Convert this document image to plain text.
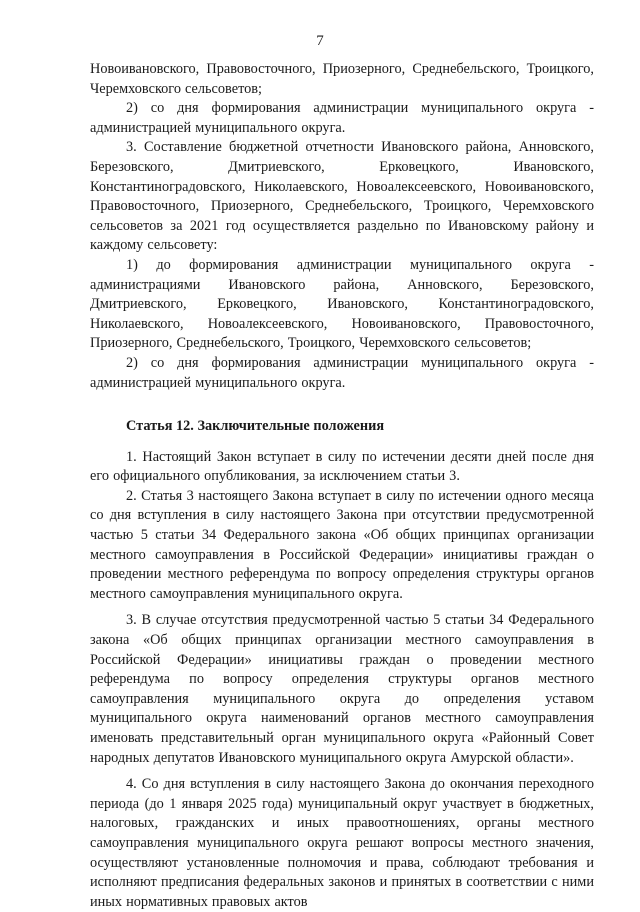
7

Новоивановского, Правовосточного, Приозерного, Среднебельского, Троицкого, Черемховского сельсоветов;

2) со дня формирования администрации муниципального округа - администрацией муниципального округа.

3. Составление бюджетной отчетности Ивановского района, Анновского, Березовского, Дмитриевского, Ерковецкого, Ивановского, Константиноградовского, Николаевского, Новоалексеевского, Новоивановского, Правовосточного, Приозерного, Среднебельского, Троицкого, Черемховского сельсоветов за 2021 год осуществляется раздельно по Ивановскому району и каждому сельсовету:

1) до формирования администрации муниципального округа - администрациями Ивановского района, Анновского, Березовского, Дмитриевского, Ерковецкого, Ивановского, Константиноградовского, Николаевского, Новоалексеевского, Новоивановского, Правовосточного, Приозерного, Среднебельского, Троицкого, Черемховского сельсоветов;

2) со дня формирования администрации муниципального округа - администрацией муниципального округа.

Статья 12. Заключительные положения

1. Настоящий Закон вступает в силу по истечении десяти дней после дня его официального опубликования, за исключением статьи 3.

2. Статья 3 настоящего Закона вступает в силу по истечении одного месяца со дня вступления в силу настоящего Закона при отсутствии предусмотренной частью 5 статьи 34 Федерального закона «Об общих принципах организации местного самоуправления в Российской Федерации» инициативы граждан о проведении местного референдума по вопросу определения структуры органов местного самоуправления муниципального округа.

3. В случае отсутствия предусмотренной частью 5 статьи 34 Федерального закона «Об общих принципах организации местного самоуправления в Российской Федерации» инициативы граждан о проведении местного референдума по вопросу определения структуры органов местного самоуправления муниципального округа до определения уставом муниципального округа наименований органов местного самоуправления именовать представительный орган муниципального округа «Районный Совет народных депутатов Ивановского муниципального округа Амурской области».

4. Со дня вступления в силу настоящего Закона до окончания переходного периода (до 1 января 2025 года) муниципальный округ участвует в бюджетных, налоговых, гражданских и иных правоотношениях, органы местного самоуправления муниципального округа решают вопросы местного значения, осуществляют установленные полномочия и права, соблюдают требования и исполняют предписания федеральных законов и принятых в соответствии с ними иных нормативных правовых актов
